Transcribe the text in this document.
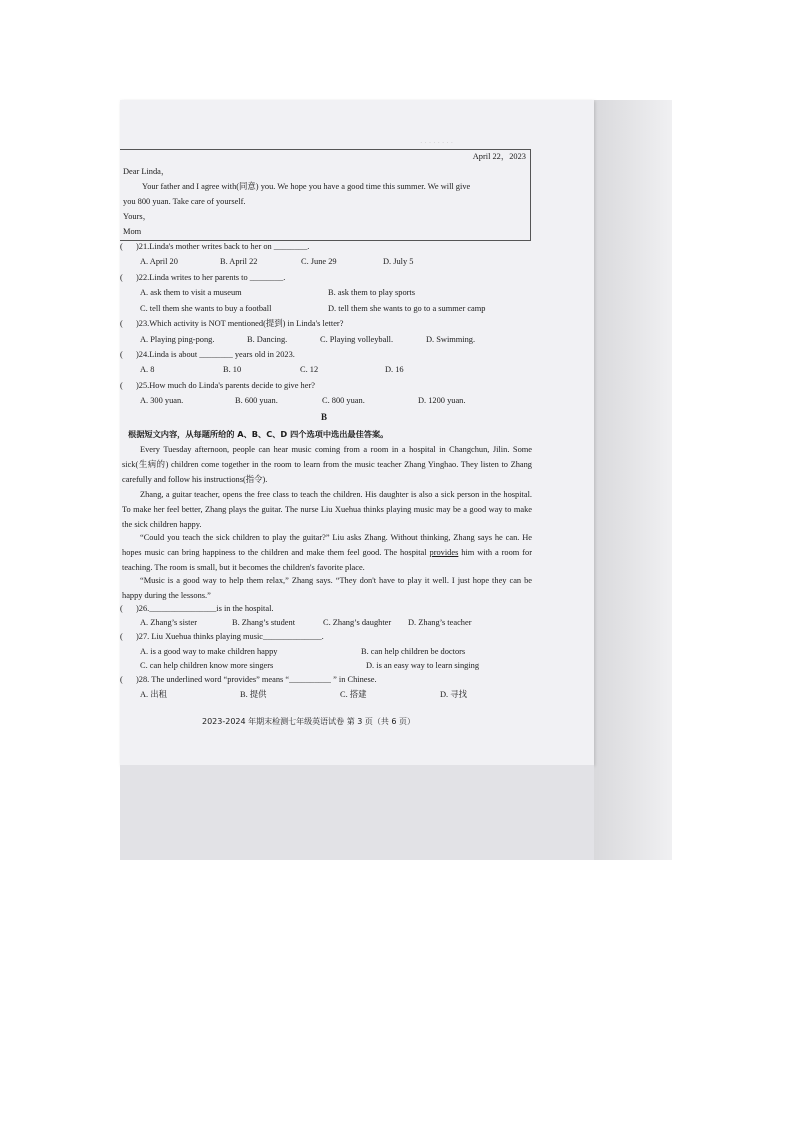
· · · · · · · ·
April 22，2023
Dear Linda，
Your father and I agree with(同意) you. We hope you have a good time this summer. We will give
you 800 yuan. Take care of yourself.
Yours，
Mom
( )21.Linda's mother writes back to her on ________.
A. April 20	B. April 22	C. June 29	D. July 5
( )22.Linda writes to her parents to ________.
A. ask them to visit a museum	B. ask them to play sports
C. tell them she wants to buy a football	D. tell them she wants to go to a summer camp
( )23.Which activity is NOT mentioned(提到) in Linda's letter?
A. Playing ping-pong.	B. Dancing.	C. Playing volleyball.	D. Swimming.
( )24.Linda is about ________ years old in 2023.
A. 8	B. 10	C. 12	D. 16
( )25.How much do Linda's parents decide to give her?
A. 300 yuan.	B. 600 yuan.	C. 800 yuan.	D. 1200 yuan.
B
根据短文内容，从每题所给的 A、B、C、D 四个选项中选出最佳答案。
Every Tuesday afternoon, people can hear music coming from a room in a hospital in Changchun, Jilin. Some sick(生病的) children come together in the room to learn from the music teacher Zhang Yinghao. They listen to Zhang carefully and follow his instructions(指令).
Zhang, a guitar teacher, opens the free class to teach the children. His daughter is also a sick person in the hospital. To make her feel better, Zhang plays the guitar. The nurse Liu Xuehua thinks playing music may be a good way to make the sick children happy.
“Could you teach the sick children to play the guitar?” Liu asks Zhang. Without thinking, Zhang says he can. He hopes music can bring happiness to the children and make them feel good. The hospital provides him with a room for teaching. The room is small, but it becomes the children's favorite place.
“Music is a good way to help them relax,” Zhang says. “They don't have to play it well. I just hope they can be happy during the lessons.”
( )26.________________is in the hospital.
A. Zhang’s sister	B. Zhang’s student	C. Zhang’s daughter D. Zhang’s teacher
( )27. Liu Xuehua thinks playing music______________.
A. is a good way to make children happy	B. can help children be doctors
C. can help children know more singers	D. is an easy way to learn singing
( )28. The underlined word “provides” means “__________ ” in Chinese.
A. 出租	B. 提供	C. 搭建	D. 寻找
2023-2024 年期末检测七年级英语试卷 第 3 页（共 6 页）
